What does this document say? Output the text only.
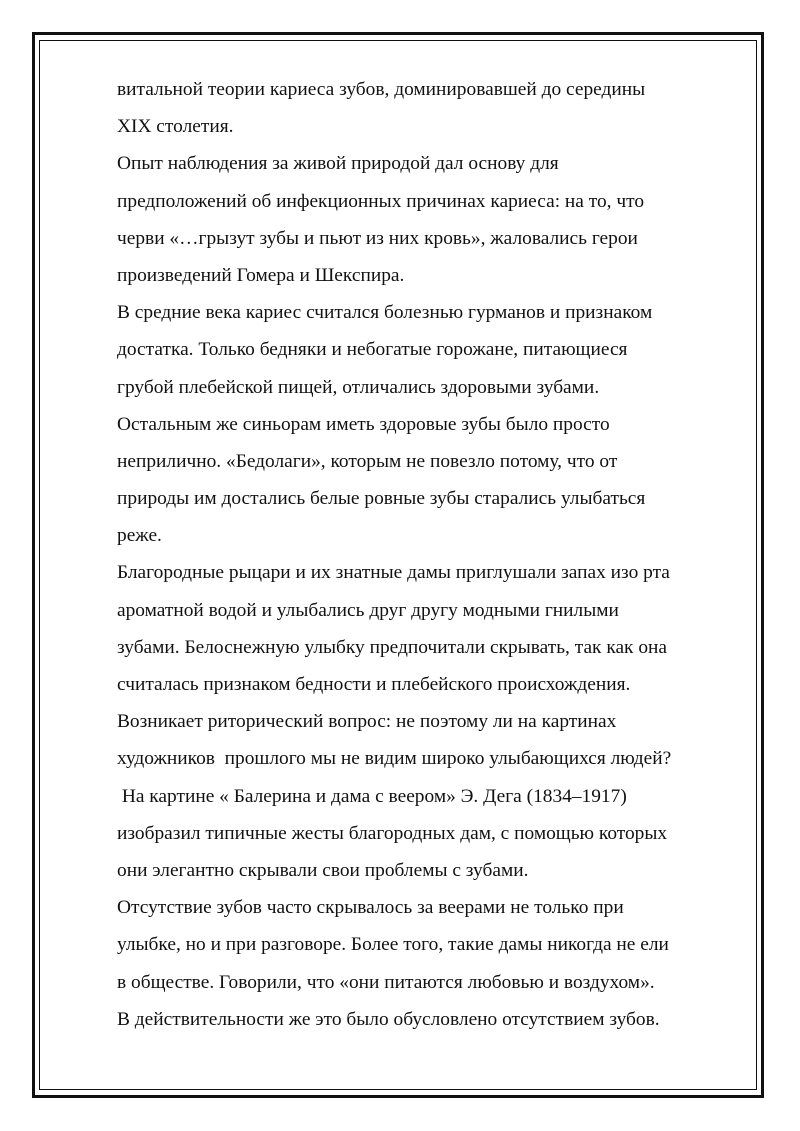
витальной теории кариеса зубов, доминировавшей до середины
XIX столетия.
Опыт наблюдения за живой природой дал основу для
предположений об инфекционных причинах кариеса: на то, что
черви «…грызут зубы и пьют из них кровь», жаловались герои
произведений Гомера и Шекспира.
В средние века кариес считался болезнью гурманов и признаком
достатка. Только бедняки и небогатые горожане, питающиеся
грубой плебейской пищей, отличались здоровыми зубами.
Остальным же синьорам иметь здоровые зубы было просто
неприлично. «Бедолаги», которым не повезло потому, что от
природы им достались белые ровные зубы старались улыбаться
реже.
Благородные рыцари и их знатные дамы приглушали запах изо рта
ароматной водой и улыбались друг другу модными гнилыми
зубами. Белоснежную улыбку предпочитали скрывать, так как она
считалась признаком бедности и плебейского происхождения.
Возникает риторический вопрос: не поэтому ли на картинах
художников  прошлого мы не видим широко улыбающихся людей?
На картине « Балерина и дама с веером» Э. Дега (1834–1917)
изобразил типичные жесты благородных дам, с помощью которых
они элегантно скрывали свои проблемы с зубами.
Отсутствие зубов часто скрывалось за веерами не только при
улыбке, но и при разговоре. Более того, такие дамы никогда не ели
в обществе. Говорили, что «они питаются любовью и воздухом».
В действительности же это было обусловлено отсутствием зубов.
